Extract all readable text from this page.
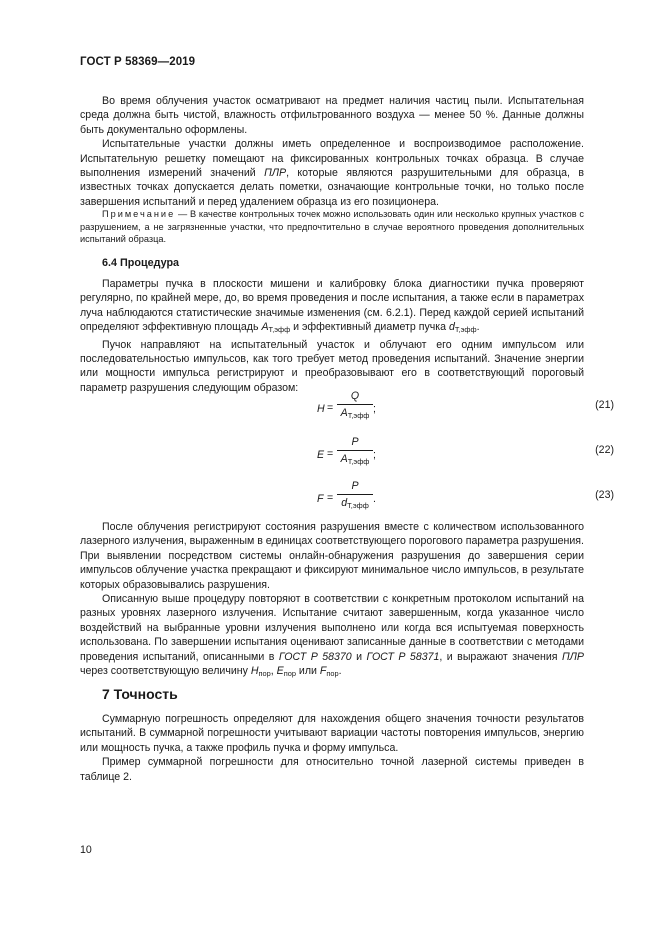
ГОСТ Р 58369—2019

Во время облучения участок осматривают на предмет наличия частиц пыли. Испытательная среда должна быть чистой, влажность отфильтрованного воздуха — менее 50 %. Данные должны быть документально оформлены.

Испытательные участки должны иметь определенное и воспроизводимое расположение. Испытательную решетку помещают на фиксированных контрольных точках образца. В случае выполнения измерений значений ПЛР, которые являются разрушительными для образца, в известных точках допускается делать пометки, означающие контрольные точки, но только после завершения испытаний и перед удалением образца из его позиционера.

Примечание — В качестве контрольных точек можно использовать один или несколько крупных участков с разрушением, а не загрязненные участки, что предпочтительно в случае вероятного проведения дополнительных испытаний образца.
6.4 Процедура

Параметры пучка в плоскости мишени и калибровку блока диагностики пучка проверяют регулярно, по крайней мере, до, во время проведения и после испытания, а также если в параметрах луча наблюдаются статистические значимые изменения (см. 6.2.1). Перед каждой серией испытаний определяют эффективную площадь $A_{Т,эфф}$ и эффективный диаметр пучка $d_{Т,эфф}$.

Пучок направляют на испытательный участок и облучают его одним импульсом или последовательностью импульсов, как того требует метод проведения испытаний. Значение энергии или мощности импульса регистрируют и преобразовывают его в соответствующий пороговый параметр разрушения следующим образом:

H =
Q
$A_{Т,эфф}$
;	(21)
E =
P
$A_{Т,эфф}$
;	(22)
F =
P
$d_{Т,эфф}$
.	(23)

После облучения регистрируют состояния разрушения вместе с количеством использованного лазерного излучения, выраженным в единицах соответствующего порогового параметра разрушения. При выявлении посредством системы онлайн-обнаружения разрушения до завершения серии импульсов облучение участка прекращают и фиксируют минимальное число импульсов, в результате которых образовывались разрушения.

Описанную выше процедуру повторяют в соответствии с конкретным протоколом испытаний на разных уровнях лазерного излучения. Испытание считают завершенным, когда указанное число воздействий на выбранные уровни излучения выполнено или когда вся испытуемая поверхность использована. По завершении испытания оценивают записанные данные в соответствии с методами проведения испытаний, описанными в ГОСТ Р 58370 и ГОСТ Р 58371, и выражают значения ПЛР через соответствующую величину $H_{пор}$, $E_{пор}$ или $F_{пор}$.

7 Точность

Суммарную погрешность определяют для нахождения общего значения точности результатов испытаний. В суммарной погрешности учитывают вариации частоты повторения импульсов, энергию или мощность пучка, а также профиль пучка и форму импульса.

Пример суммарной погрешности для относительно точной лазерной системы приведен в таблице 2.

10
